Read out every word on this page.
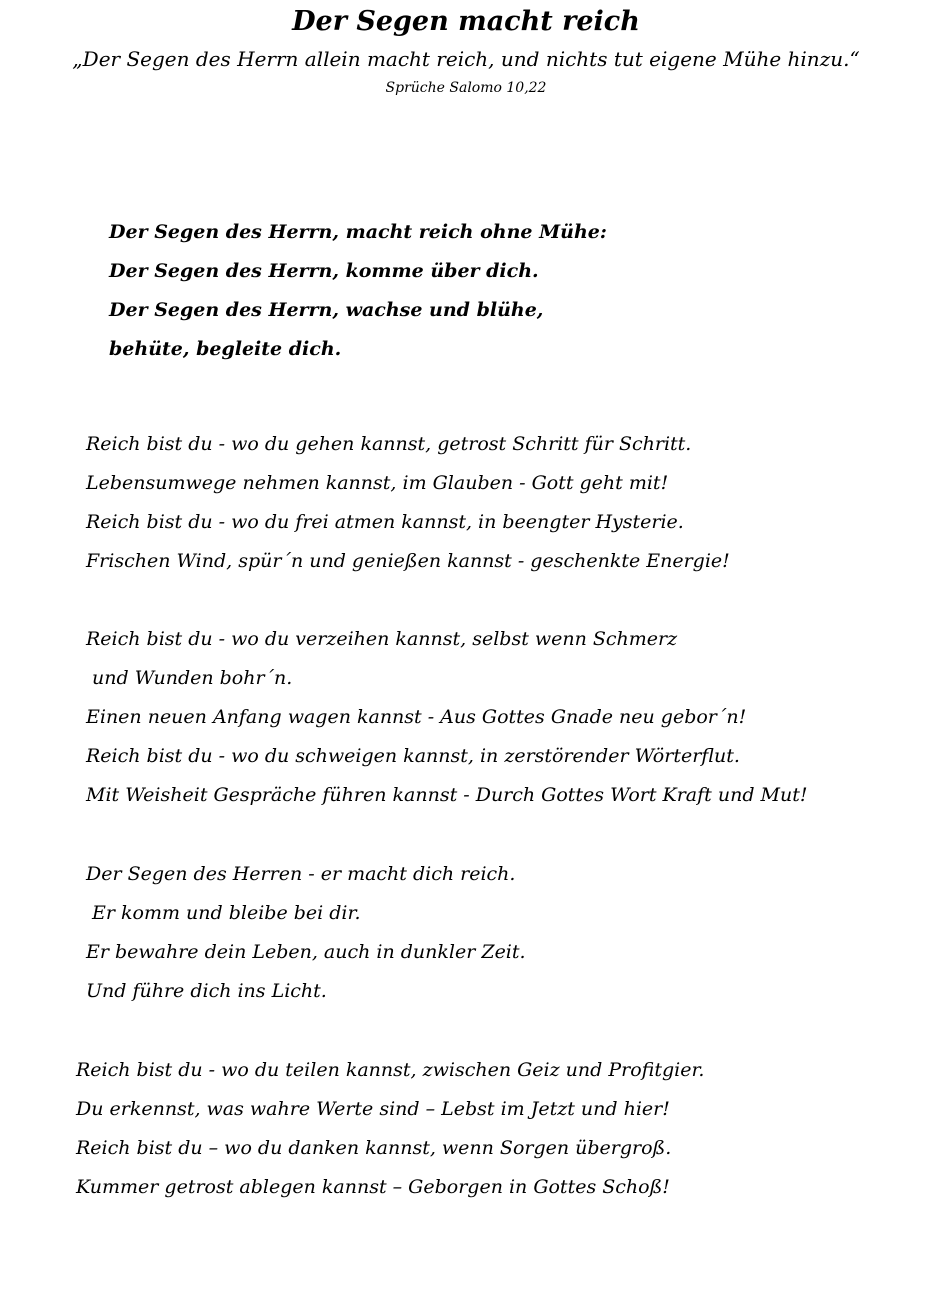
Der Segen macht reich
„Der Segen des Herrn allein macht reich, und nichts tut eigene Mühe hinzu.“
Sprüche Salomo 10,22
Der Segen des Herrn, macht reich ohne Mühe:
Der Segen des Herrn, komme über dich.
Der Segen des Herrn, wachse und blühe,
behüte, begleite dich.
Reich bist du - wo du gehen kannst, getrost Schritt für Schritt.
Lebensumwege nehmen kannst, im Glauben - Gott geht mit!
Reich bist du - wo du frei atmen kannst, in beengter Hysterie.
Frischen Wind, spür´n und genießen kannst - geschenkte Energie!
Reich bist du - wo du verzeihen kannst, selbst wenn Schmerz
und Wunden bohr´n.
Einen neuen Anfang wagen kannst - Aus Gottes Gnade neu gebor´n!
Reich bist du - wo du schweigen kannst, in zerstörender Wörterflut.
Mit Weisheit Gespräche führen kannst - Durch Gottes Wort Kraft und Mut!
Der Segen des Herren - er macht dich reich.
Er komm und bleibe bei dir.
Er bewahre dein Leben, auch in dunkler Zeit.
Und führe dich ins Licht.
Reich bist du - wo du teilen kannst, zwischen Geiz und Profitgier.
Du erkennst, was wahre Werte sind – Lebst im Jetzt und hier!
Reich bist du – wo du danken kannst, wenn Sorgen übergroß.
Kummer getrost ablegen kannst – Geborgen in Gottes Schoß!
